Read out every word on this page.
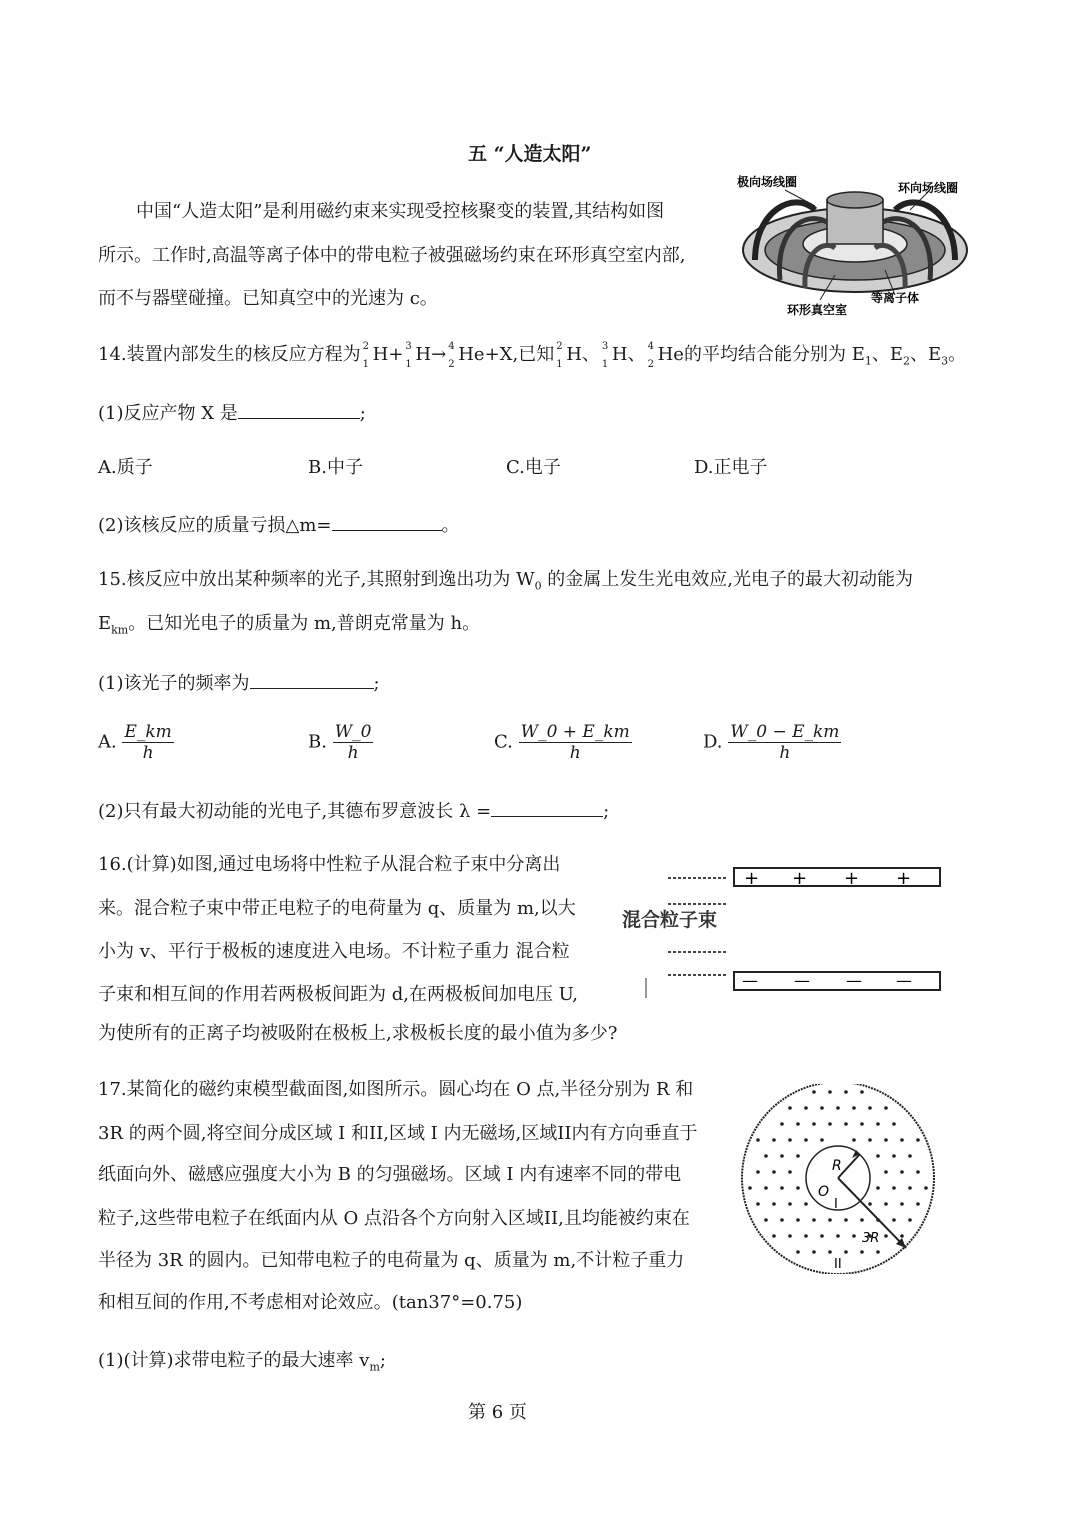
五 “人造太阳”
中国“人造太阳”是利用磁约束来实现受控核聚变的装置,其结构如图
所示。工作时,高温等离子体中的带电粒子被强磁场约束在环形真空室内部,
而不与器壁碰撞。已知真空中的光速为 c。
极向场线圈	环向场线圈
环形真空室
等离子体
14.装置内部发生的核反应方程为 2
1 H+ 3
1 H→ 4
2 He+X,已知 2
1 H、 3
1 H、 4
2 He的平均结合能分别为 $E_1$、$E_2$、$E_3$。
(1)反应产物 X 是	;
A.质子	B.中子	C.电子	D.正电子
(2)该核反应的质量亏损△m=	。
15.核反应中放出某种频率的光子,其照射到逸出功为 $W_0$ 的金属上发生光电效应,光电子的最大初动能为
$E_{km}$。已知光电子的质量为 m,普朗克常量为 h。
(1)该光子的频率为	;
A. $\frac{E\_km}{h}$	B. $\frac{W\_0}{h}$	C. $\frac{W\_0 + E\_km}{h}$	D. $\frac{W\_0 - E\_km}{h}$
(2)只有最大初动能的光电子,其德布罗意波长 λ =	;
16.(计算)如图,通过电场将中性粒子从混合粒子束中分离出
来。混合粒子束中带正电粒子的电荷量为 q、质量为 m,以大
小为 v、平行于极板的速度进入电场。不计粒子重力 混合粒
子束和相互间的作用若两极板间距为 d,在两极板间加电压 U,
为使所有的正离子均被吸附在极板上,求极板长度的最小值为多少?
+ + + +
— — — —
混合粒子束
17.某简化的磁约束模型截面图,如图所示。圆心均在 O 点,半径分别为 R 和
3R 的两个圆,将空间分成区域 I 和II,区域 I 内无磁场,区域II内有方向垂直于
纸面向外、磁感应强度大小为 B 的匀强磁场。区域 I 内有速率不同的带电
粒子,这些带电粒子在纸面内从 O 点沿各个方向射入区域II,且均能被约束在
半径为 3R 的圆内。已知带电粒子的电荷量为 q、质量为 m,不计粒子重力
和相互间的作用,不考虑相对论效应。(tan37°=0.75)
(1)(计算)求带电粒子的最大速率 $v_m$;
R
O
I
3R
II
第 6 页
